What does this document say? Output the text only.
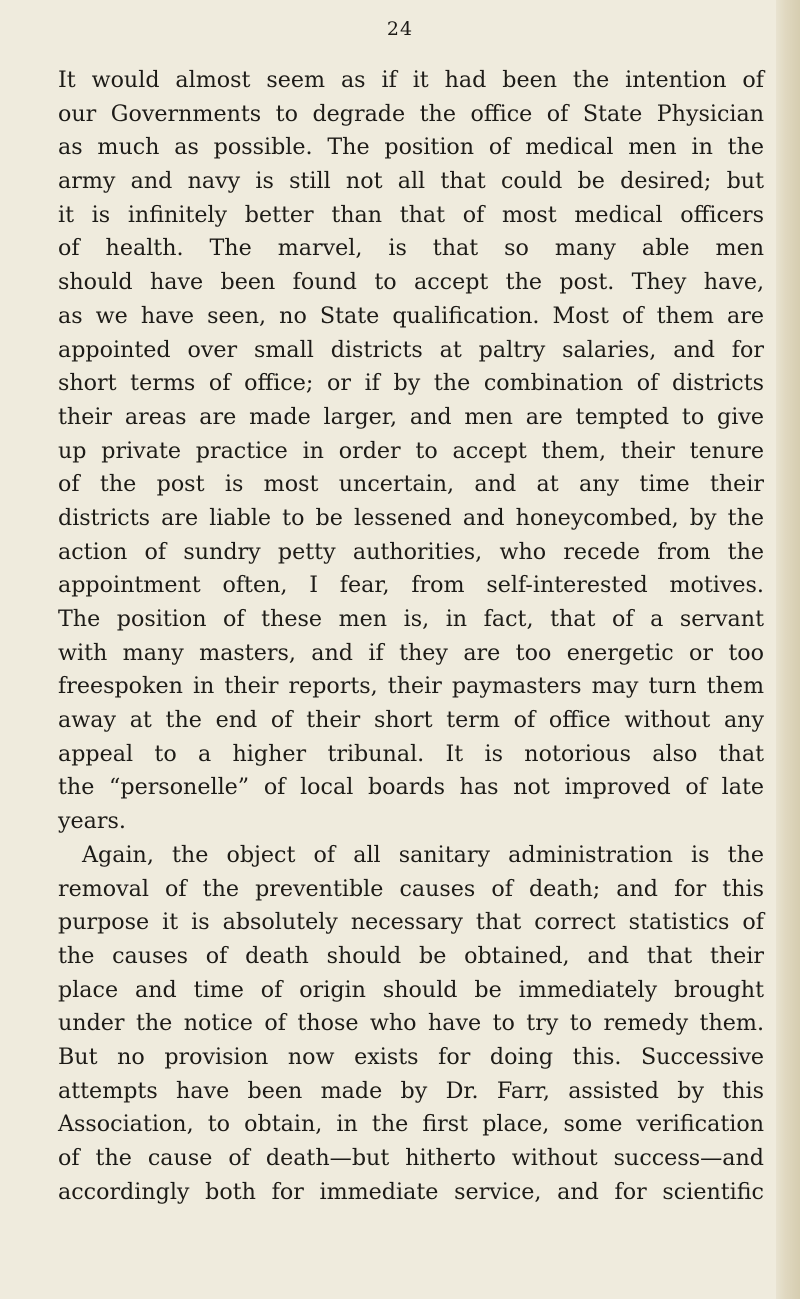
24
It would almost seem as if it had been the intention of
our Governments to degrade the office of State Physician
as much as possible. The position of medical men in the
army and navy is still not all that could be desired; but
it is infinitely better than that of most medical officers
of health. The marvel, is that so many able men
should have been found to accept the post. They have,
as we have seen, no State qualification. Most of them are
appointed over small districts at paltry salaries, and for
short terms of office; or if by the combination of districts
their areas are made larger, and men are tempted to give
up private practice in order to accept them, their tenure
of the post is most uncertain, and at any time their
districts are liable to be lessened and honeycombed, by the
action of sundry petty authorities, who recede from the
appointment often, I fear, from self-interested motives.
The position of these men is, in fact, that of a servant
with many masters, and if they are too energetic or too
freespoken in their reports, their paymasters may turn them
away at the end of their short term of office without any
appeal to a higher tribunal. It is notorious also that
the “personelle” of local boards has not improved of late
years.
Again, the object of all sanitary administration is the
removal of the preventible causes of death; and for this
purpose it is absolutely necessary that correct statistics of
the causes of death should be obtained, and that their
place and time of origin should be immediately brought
under the notice of those who have to try to remedy them.
But no provision now exists for doing this. Successive
attempts have been made by Dr. Farr, assisted by this
Association, to obtain, in the first place, some verification
of the cause of death—but hitherto without success—and
accordingly both for immediate service, and for scientific
